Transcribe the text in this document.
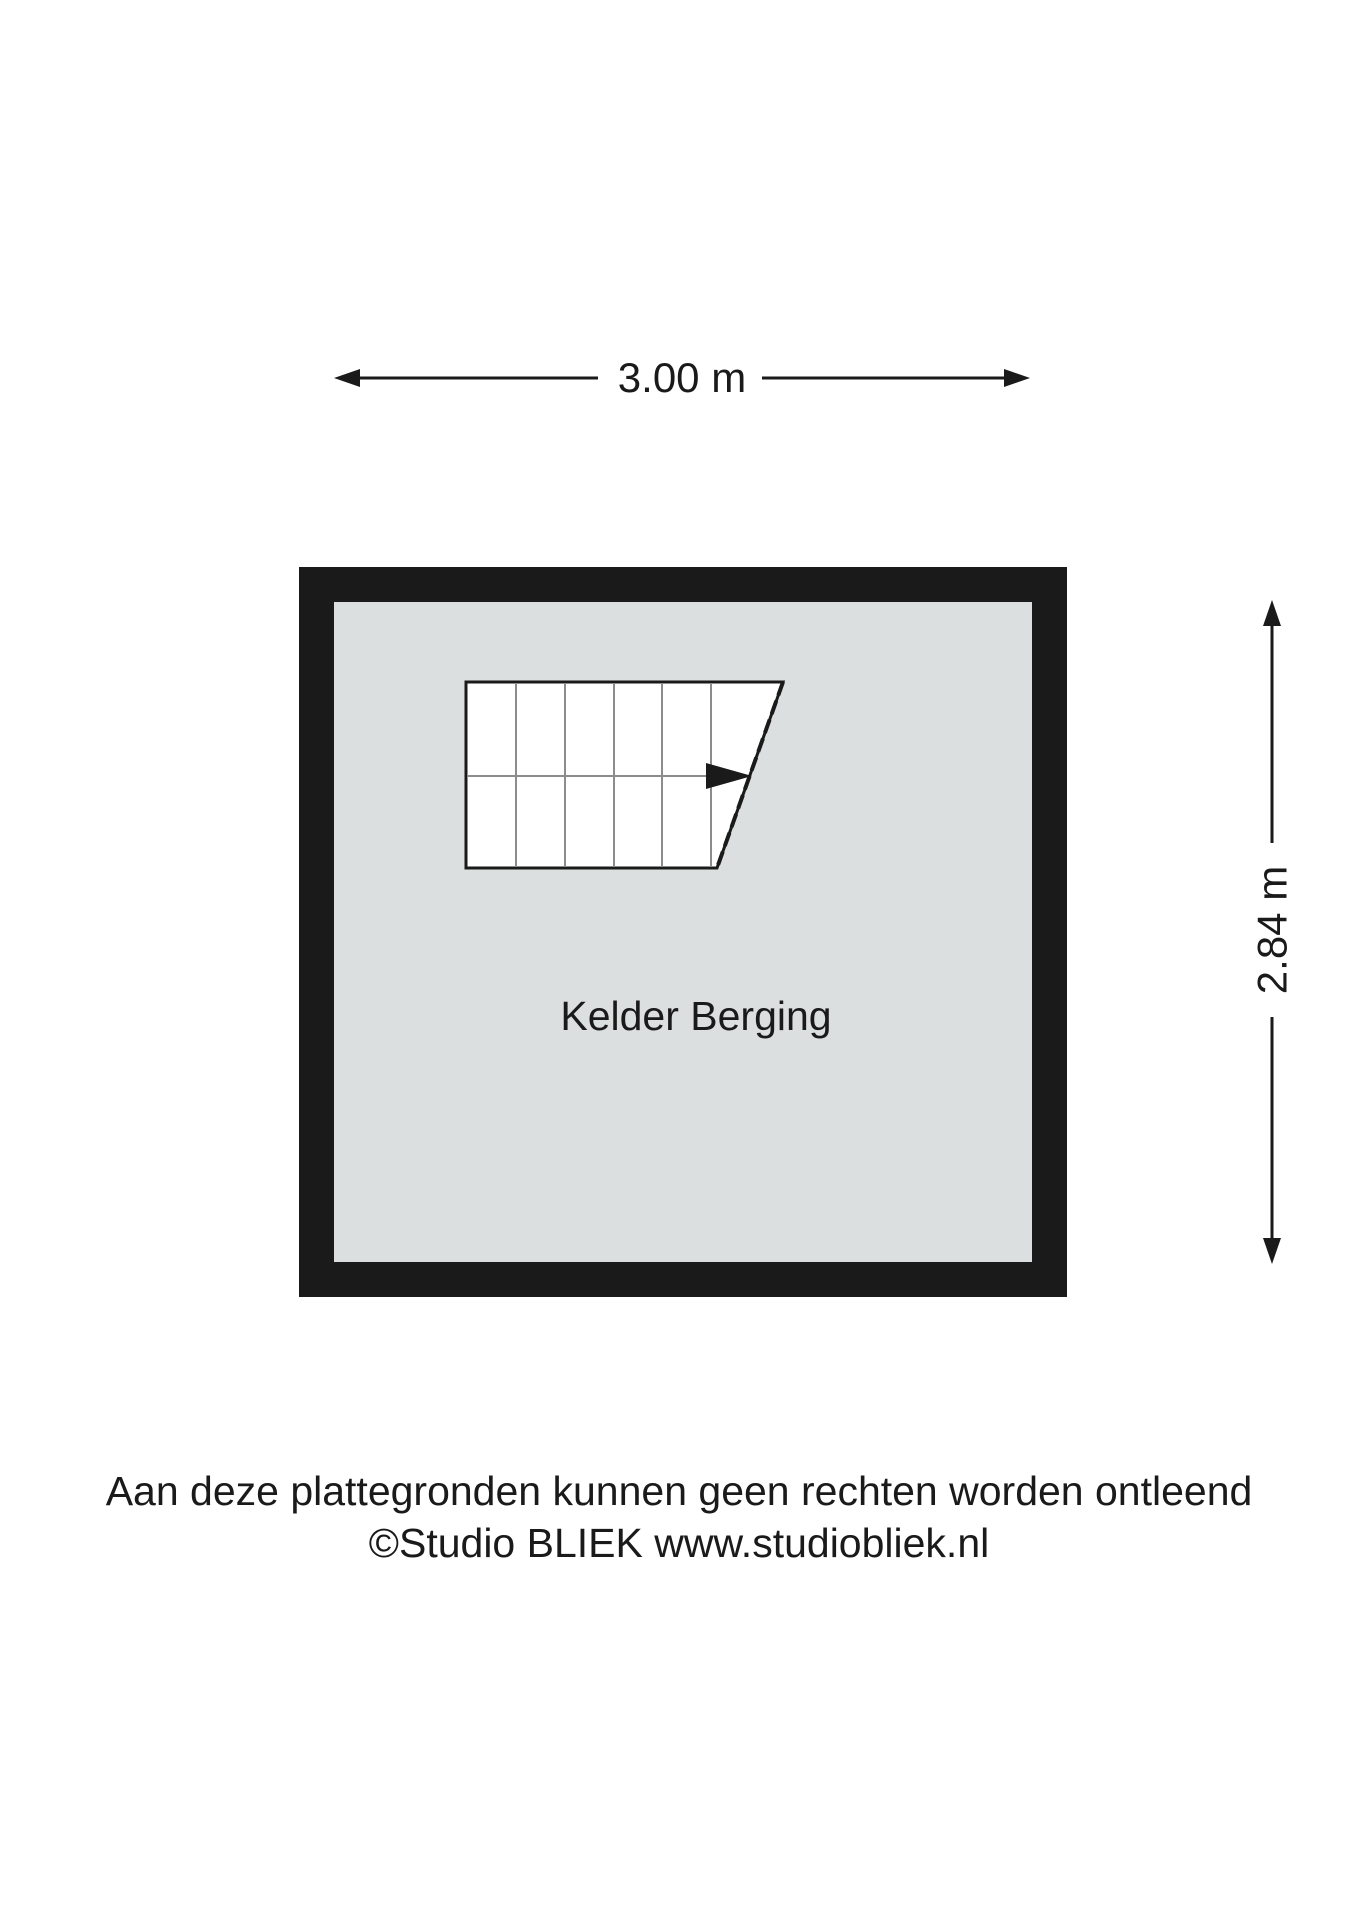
3.00 m
Kelder Berging
2.84 m
Aan deze plattegronden kunnen geen rechten worden ontleend
©Studio BLIEK www.studiobliek.nl
